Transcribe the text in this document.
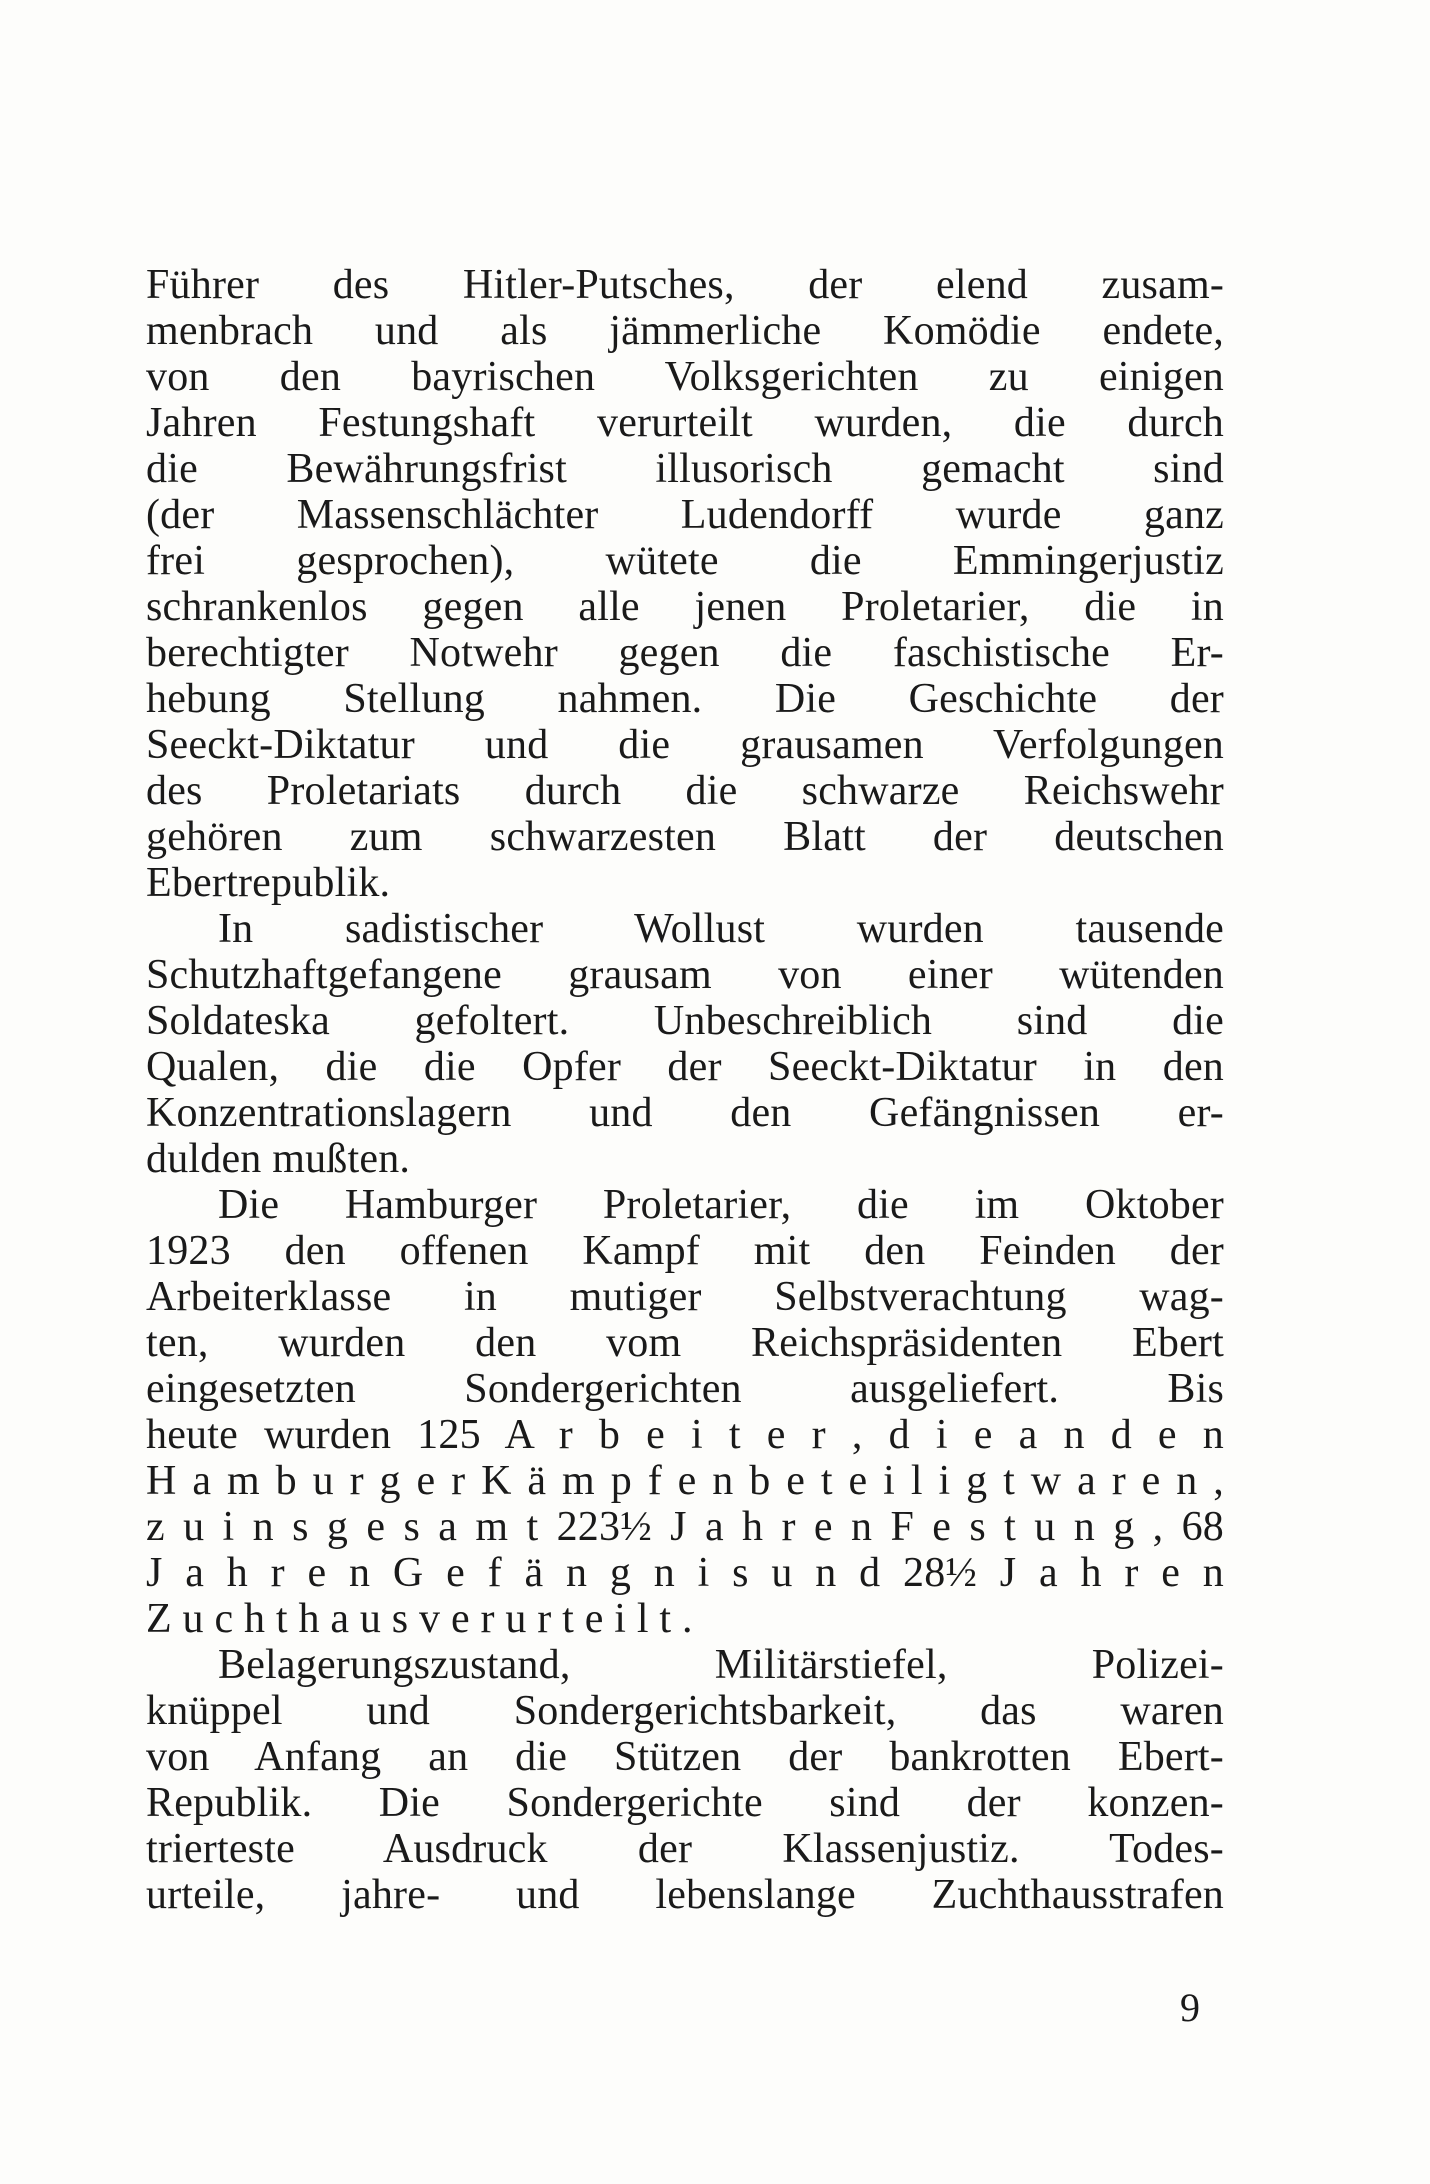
Führer des Hitler-Putsches, der elend zusam-
menbrach und als jämmerliche Komödie endete,
von den bayrischen Volksgerichten zu einigen
Jahren Festungshaft verurteilt wurden, die durch
die Bewährungsfrist illusorisch gemacht sind
(der Massenschlächter Ludendorff wurde ganz
frei gesprochen), wütete die Emmingerjustiz
schrankenlos gegen alle jenen Proletarier, die in
berechtigter Notwehr gegen die faschistische Er-
hebung Stellung nahmen. Die Geschichte der
Seeckt-Diktatur und die grausamen Verfolgungen
des Proletariats durch die schwarze Reichswehr
gehören zum schwarzesten Blatt der deutschen
Ebertrepublik.
In sadistischer Wollust wurden tausende
Schutzhaftgefangene grausam von einer wütenden
Soldateska gefoltert. Unbeschreiblich sind die
Qualen, die die Opfer der Seeckt-Diktatur in den
Konzentrationslagern und den Gefängnissen er-
dulden mußten.
Die Hamburger Proletarier, die im Oktober
1923 den offenen Kampf mit den Feinden der
Arbeiterklasse in mutiger Selbstverachtung wag-
ten, wurden den vom Reichspräsidenten Ebert
eingesetzten Sondergerichten ausgeliefert. Bis
heute wurden 125 A r b e i t e r , d i e a n d e n
H a m b u r g e r K ä m p f e n b e t e i l i g t w a r e n ,
z u i n s g e s a m t 223½ J a h r e n F e s t u n g , 68
J a h r e n G e f ä n g n i s u n d 28½ J a h r e n
Z u c h t h a u s v e r u r t e i l t .
Belagerungszustand, Militärstiefel, Polizei-
knüppel und Sondergerichtsbarkeit, das waren
von Anfang an die Stützen der bankrotten Ebert-
Republik. Die Sondergerichte sind der konzen-
trierteste Ausdruck der Klassenjustiz. Todes-
urteile, jahre- und lebenslange Zuchthausstrafen
9
